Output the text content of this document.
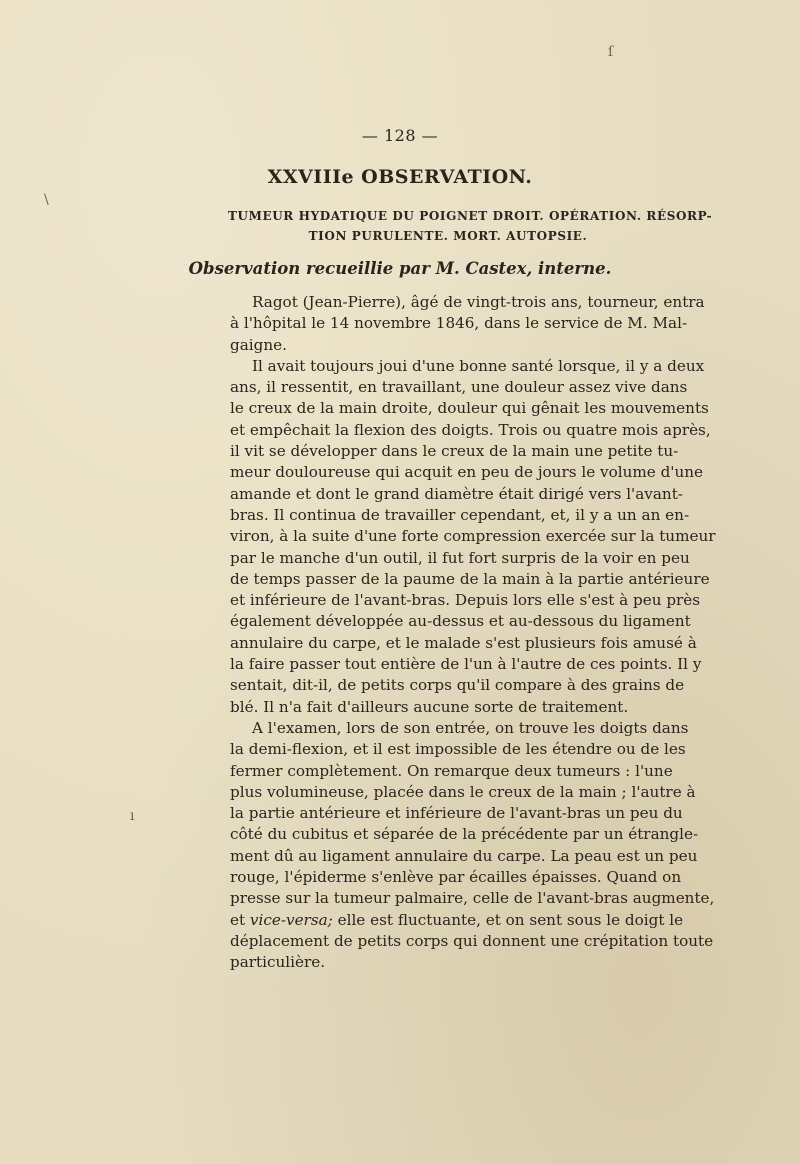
— 128 —
XXVIIIe OBSERVATION.
TUMEUR HYDATIQUE DU POIGNET DROIT. OPÉRATION. RÉSORP-
TION PURULENTE. MORT. AUTOPSIE.
Observation recueillie par M. Castex, interne.
Ragot (Jean-Pierre), âgé de vingt-trois ans, tourneur, entra
à l'hôpital le 14 novembre 1846, dans le service de M. Mal-
gaigne.
Il avait toujours joui d'une bonne santé lorsque, il y a deux
ans, il ressentit, en travaillant, une douleur assez vive dans
le creux de la main droite, douleur qui gênait les mouvements
et empêchait la flexion des doigts. Trois ou quatre mois après,
il vit se développer dans le creux de la main une petite tu-
meur douloureuse qui acquit en peu de jours le volume d'une
amande et dont le grand diamètre était dirigé vers l'avant-
bras. Il continua de travailler cependant, et, il y a un an en-
viron, à la suite d'une forte compression exercée sur la tumeur
par le manche d'un outil, il fut fort surpris de la voir en peu
de temps passer de la paume de la main à la partie antérieure
et inférieure de l'avant-bras. Depuis lors elle s'est à peu près
également développée au-dessus et au-dessous du ligament
annulaire du carpe, et le malade s'est plusieurs fois amusé à
la faire passer tout entière de l'un à l'autre de ces points. Il y
sentait, dit-il, de petits corps qu'il compare à des grains de
blé. Il n'a fait d'ailleurs aucune sorte de traitement.
A l'examen, lors de son entrée, on trouve les doigts dans
la demi-flexion, et il est impossible de les étendre ou de les
fermer complètement. On remarque deux tumeurs : l'une
plus volumineuse, placée dans le creux de la main ; l'autre à
la partie antérieure et inférieure de l'avant-bras un peu du
côté du cubitus et séparée de la précédente par un étrangle-
ment dû au ligament annulaire du carpe. La peau est un peu
rouge, l'épiderme s'enlève par écailles épaisses. Quand on
presse sur la tumeur palmaire, celle de l'avant-bras augmente,
et vice-versa; elle est fluctuante, et on sent sous le doigt le
déplacement de petits corps qui donnent une crépitation toute
particulière.
ſ
\
ı
